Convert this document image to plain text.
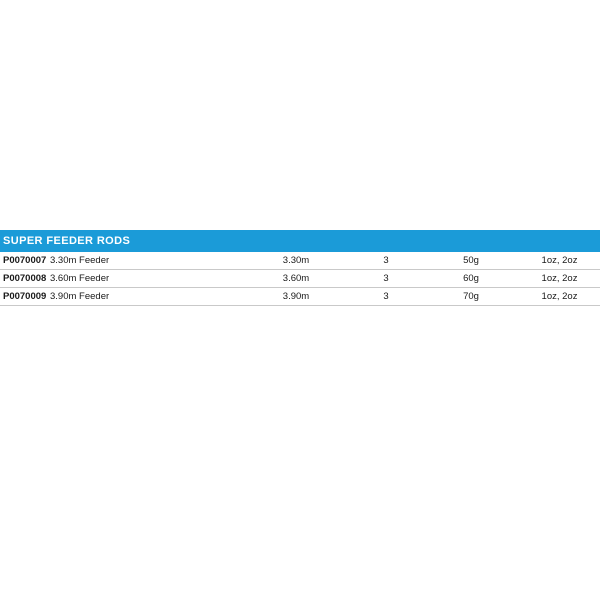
SUPER FEEDER RODS
P0070007	3.30m Feeder	3.30m	3	50g	1oz, 2oz
P0070008	3.60m Feeder	3.60m	3	60g	1oz, 2oz
P0070009	3.90m Feeder	3.90m	3	70g	1oz, 2oz
